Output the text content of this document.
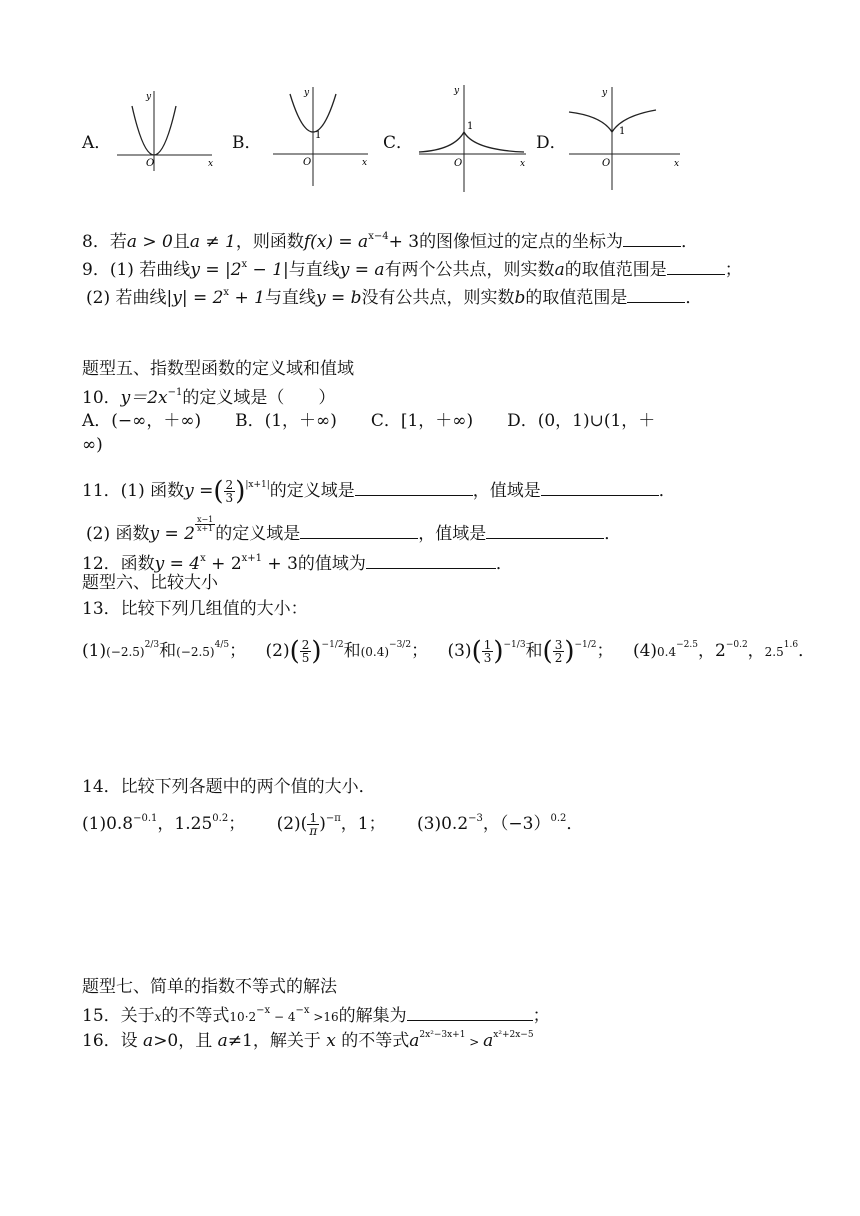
A．
y
x
O
B．
y
1
x
O
C．
y
1
x
O
D．
y
1
x
O
8．若a > 0且a ≠ 1，则函数$f(x) = a^{x-4}+ 3$的图像恒过的定点的坐标为	．
9．(1) 若曲线$y = |2^x - 1|$与直线y = a有两个公共点，则实数a的取值范围是	；
(2) 若曲线$|y| = 2^x + 1$与直线y = b没有公共点，则实数b的取值范围是	．
题型五、指数型函数的定义域和值域
10．$y=2x^{-1}$的定义域是（　　）
A．(−∞，＋∞)　　B．(1，＋∞)　　C．[1，＋∞)　　D．(0，1)∪(1，＋
∞)
11．(1) 函数y =( $\frac{2}{3} )^{|x+1|}$的定义域是	，值域是	．
(2) 函数$y = 2 \frac{x-1}{x+1}$ 的定义域是	，值域是	．
12．函数$y = 4^x + 2^{x+1} + 3$的值域为	．
题型六、比较大小
13．比较下列几组值的大小：
$(1)(-2.5)^{2/3}$和$(-2.5)^{4/5}$； $(2)( \frac{2}{5} )^{-1/2}$和$(0.4)^{-3/2}$； $(3)( \frac{1}{3} )^{-1/3}$和( $\frac{3}{2} )^{-1/2}$； $(4)0.4^{-2.5}$，$2^{-0.2}$，$2.5^{1.6}$．
14．比较下列各题中的两个值的大小．
$(1)0.8^{-0.1}$，$1.25^{0.2}$； $(2)( \frac{1}{\pi} )^{-\pi}$，1； $(3)0.2^{-3}$，$(-3)^{0.2}$．
题型七、简单的指数不等式的解法
15．关于x的不等式$10\cdot 2^{-x} - 4^{-x} >16$的解集为	；
16．设 a>0，且 a≠1，解关于 x 的不等式$a^{2x^2-3x+1} > a^{x^2+2x-5}$
